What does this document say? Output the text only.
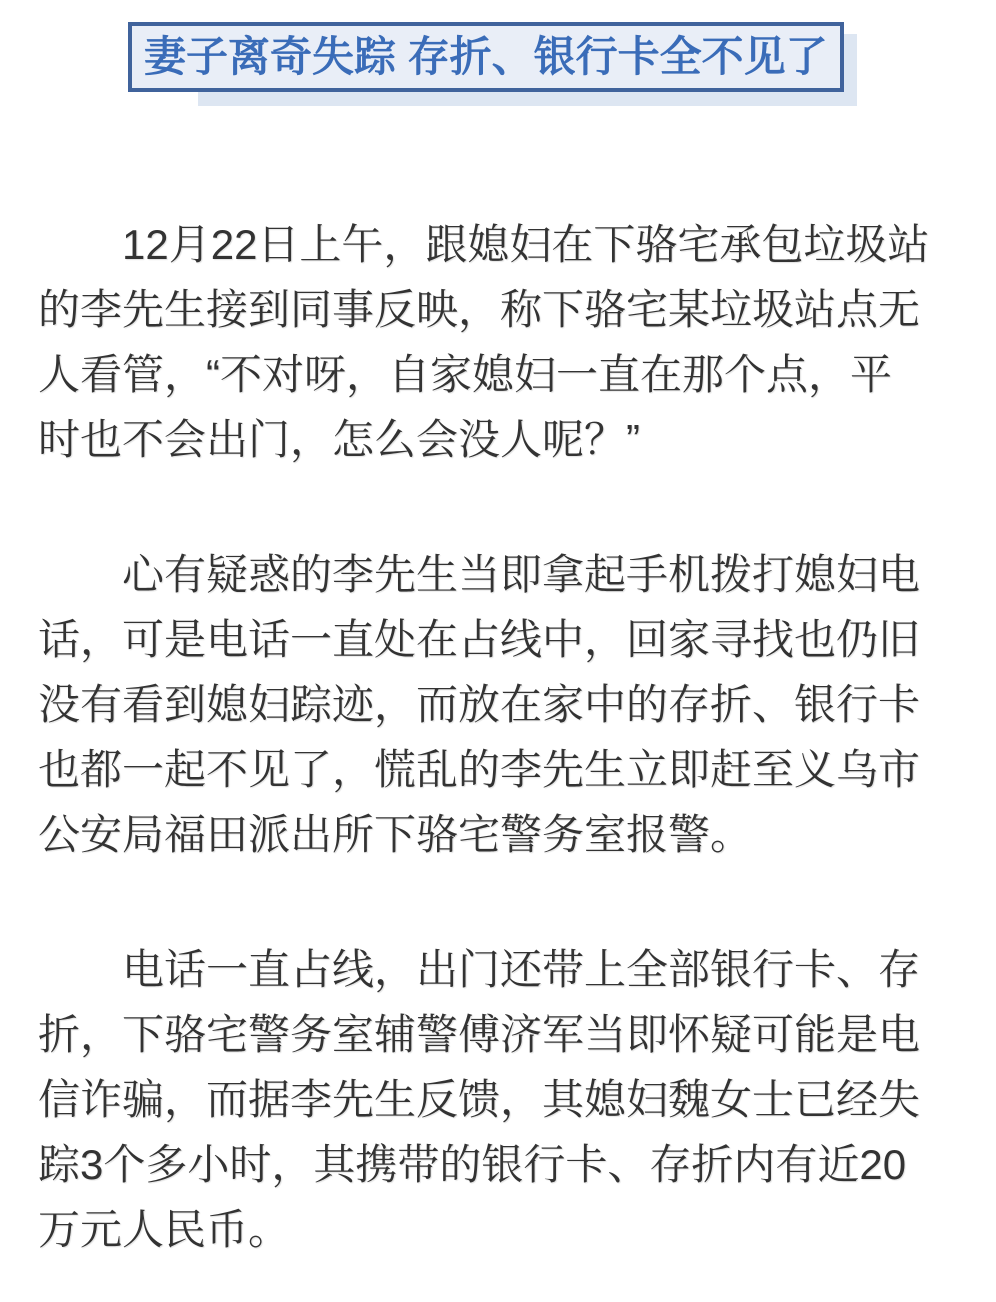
妻子离奇失踪 存折、银行卡全不见了
12月22日上午，跟媳妇在下骆宅承包垃圾站
的李先生接到同事反映，称下骆宅某垃圾站点无
人看管，“不对呀，自家媳妇一直在那个点，平
时也不会出门，怎么会没人呢？”
心有疑惑的李先生当即拿起手机拨打媳妇电
话，可是电话一直处在占线中，回家寻找也仍旧
没有看到媳妇踪迹，而放在家中的存折、银行卡
也都一起不见了，慌乱的李先生立即赶至义乌市
公安局福田派出所下骆宅警务室报警。
电话一直占线，出门还带上全部银行卡、存
折，下骆宅警务室辅警傅济军当即怀疑可能是电
信诈骗，而据李先生反馈，其媳妇魏女士已经失
踪3个多小时，其携带的银行卡、存折内有近20
万元人民币。
